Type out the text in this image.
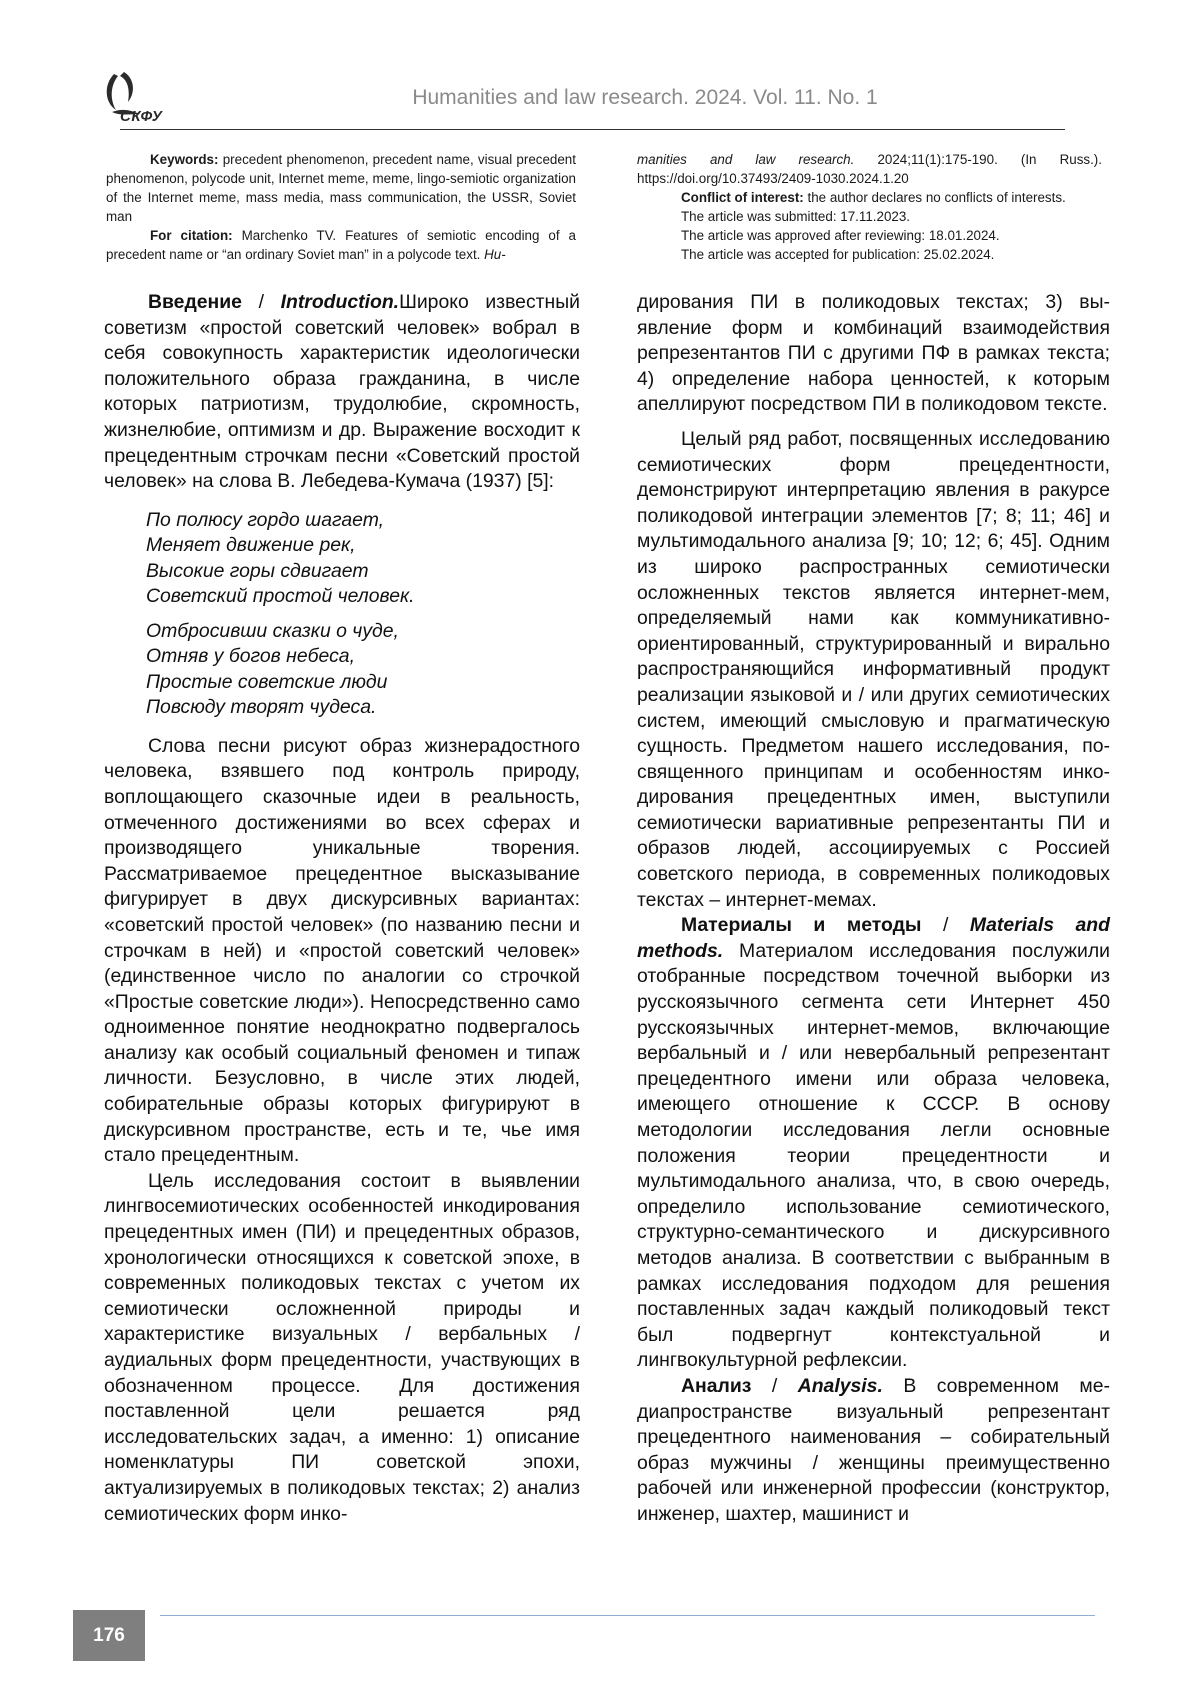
СКФУ
Humanities and law research. 2024. Vol. 11. No. 1

Keywords: precedent phenomenon, precedent name, visual precedent phenomenon, polycode unit, Internet meme, meme, lingo-semiotic organization of the Internet meme, mass media, mass communication, the USSR, Soviet man

For citation: Marchenko TV. Features of semiotic encoding of a precedent name or “an ordinary Soviet man” in a polycode text. Hu-

manities and law research. 2024;11(1):175-190. (In Russ.). https://doi.org/10.37493/2409-1030.2024.1.20

Conflict of interest: the author declares no conflicts of interests.

The article was submitted: 17.11.2023.

The article was approved after reviewing: 18.01.2024.

The article was accepted for publication: 25.02.2024.

Введение / Introduction.Широко известный советизм «простой советский человек» вобрал в себя совокупность характеристик идеологически положительного образа гражданина, в числе которых патриотизм, трудолюбие, скромность, жизнелюбие, оптимизм и др. Выражение восходит к прецедентным строчкам песни «Советский простой человек» на слова В. Лебедева-Кумача (1937) [5]:

По полюсу гордо шагает,
Меняет движение рек,
Высокие горы сдвигает
Советский простой человек.
Отбросивши сказки о чуде,
Отняв у богов небеса,
Простые советские люди
Повсюду творят чудеса.

Слова песни рисуют образ жизнерадостного человека, взявшего под контроль природу, воплощающего сказочные идеи в реальность, отмеченного достижениями во всех сферах и производящего уникальные творения. Рассматриваемое прецедентное высказывание фигурирует в двух дискурсивных вариантах: «советский простой человек» (по названию песни и строчкам в ней) и «простой советский человек» (единственное число по аналогии со строчкой «Простые советские люди»). Непосредственно само одноименное понятие неоднократно подвергалось анализу как особый социальный феномен и типаж личности. Безусловно, в числе этих людей, собирательные образы которых фигурируют в дискурсивном пространстве, есть и те, чье имя стало прецедентным.

Цель исследования состоит в выявлении лингвосемиотических особенностей инкодирования прецедентных имен (ПИ) и прецедентных образов, хронологически относящихся к советской эпохе, в современных поликодовых текстах с учетом их семиотически осложненной природы и характеристике визуальных / вербальных / аудиальных форм прецедентности, участвующих в обозначенном процессе. Для достижения поставленной цели решается ряд исследовательских задач, а именно: 1) описание номенклатуры ПИ советской эпохи, актуализируемых в поликодовых текстах; 2) анализ семиотических форм инко-

дирования ПИ в поликодовых текстах; 3) выявление форм и комбинаций взаимодействия репрезентантов ПИ с другими ПФ в рамках текста; 4) определение набора ценностей, к которым апеллируют посредством ПИ в поликодовом тексте.

Целый ряд работ, посвященных исследованию семиотических форм прецедентности, демонстрируют интерпретацию явления в ракурсе поликодовой интеграции элементов [7; 8; 11; 46] и мультимодального анализа [9; 10; 12; 6; 45]. Одним из широко распространных семиотически осложненных текстов является интернет-мем, определяемый нами как коммуникативно-ориентированный, структурированный и вирально распространяющийся информативный продукт реализации языковой и / или других семиотических систем, имеющий смысловую и прагматическую сущность. Предметом нашего исследования, посвященного принципам и особенностям инкодирования прецедентных имен, выступили семиотически вариативные репрезентанты ПИ и образов людей, ассоциируемых с Россией советского периода, в современных поликодовых текстах – интернет-мемах.

Материалы и методы / Materials and methods. Материалом исследования послужили отобранные посредством точечной выборки из русскоязычного сегмента сети Интернет 450 русскоязычных интернет-мемов, включающие вербальный и / или невербальный репрезентант прецедентного имени или образа человека, имеющего отношение к СССР. В основу методологии исследования легли основные положения теории прецедентности и мультимодального анализа, что, в свою очередь, определило использование семиотического, структурно-семантического и дискурсивного методов анализа. В соответствии с выбранным в рамках исследования подходом для решения поставленных задач каждый поликодовый текст был подвергнут контекстуальной и лингвокультурной рефлексии.

Анализ / Analysis. В современном медиапространстве визуальный репрезентант прецедентного наименования – собирательный образ мужчины / женщины преимущественно рабочей или инженерной профессии (конструктор, инженер, шахтер, машинист и

176
